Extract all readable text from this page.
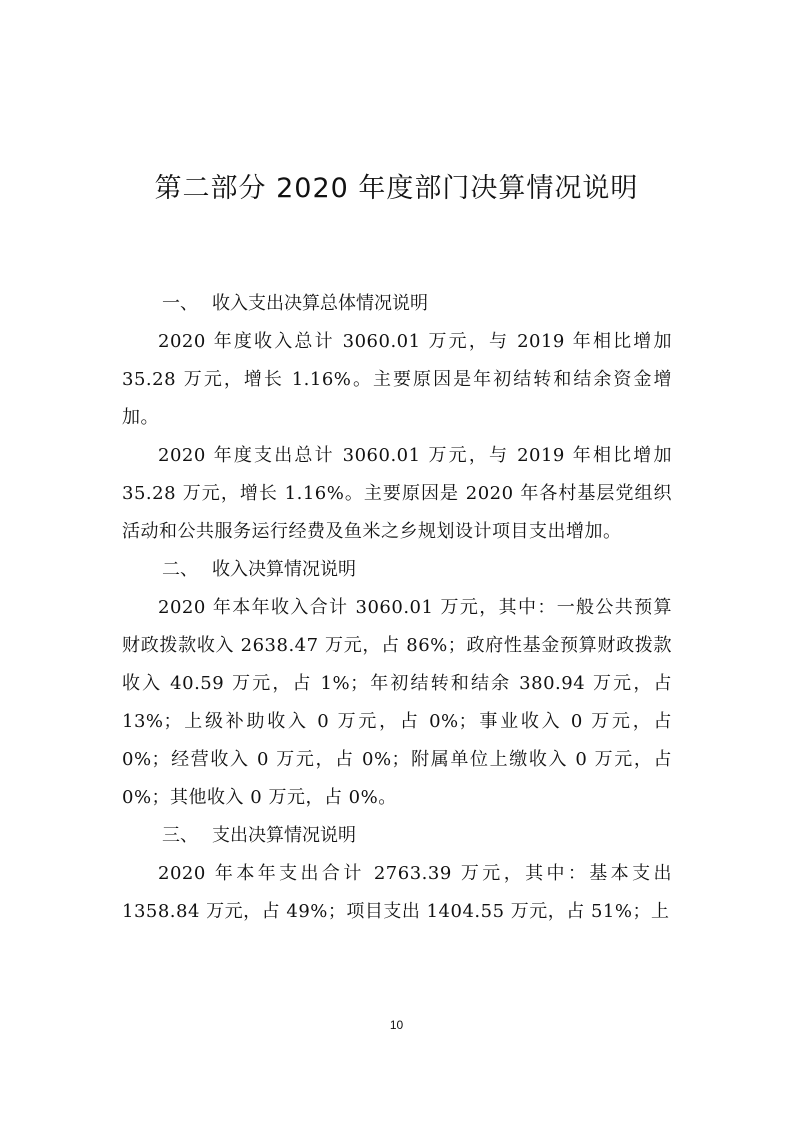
第二部分 2020 年度部门决算情况说明
一、 收入支出决算总体情况说明
2020 年度收入总计 3060.01 万元，与 2019 年相比增加 35.28 万元，增长 1.16%。主要原因是年初结转和结余资金增加。
2020 年度支出总计 3060.01 万元，与 2019 年相比增加 35.28 万元，增长 1.16%。主要原因是 2020 年各村基层党组织活动和公共服务运行经费及鱼米之乡规划设计项目支出增加。
二、 收入决算情况说明
2020 年本年收入合计 3060.01 万元，其中：一般公共预算财政拨款收入 2638.47 万元，占 86%；政府性基金预算财政拨款收入 40.59 万元，占 1%；年初结转和结余 380.94 万元，占 13%；上级补助收入 0 万元，占 0%；事业收入 0 万元，占 0%；经营收入 0 万元，占 0%；附属单位上缴收入 0 万元，占 0%；其他收入 0 万元，占 0%。
三、 支出决算情况说明
2020 年本年支出合计 2763.39 万元，其中：基本支出 1358.84 万元，占 49%；项目支出 1404.55 万元，占 51%；上
10
